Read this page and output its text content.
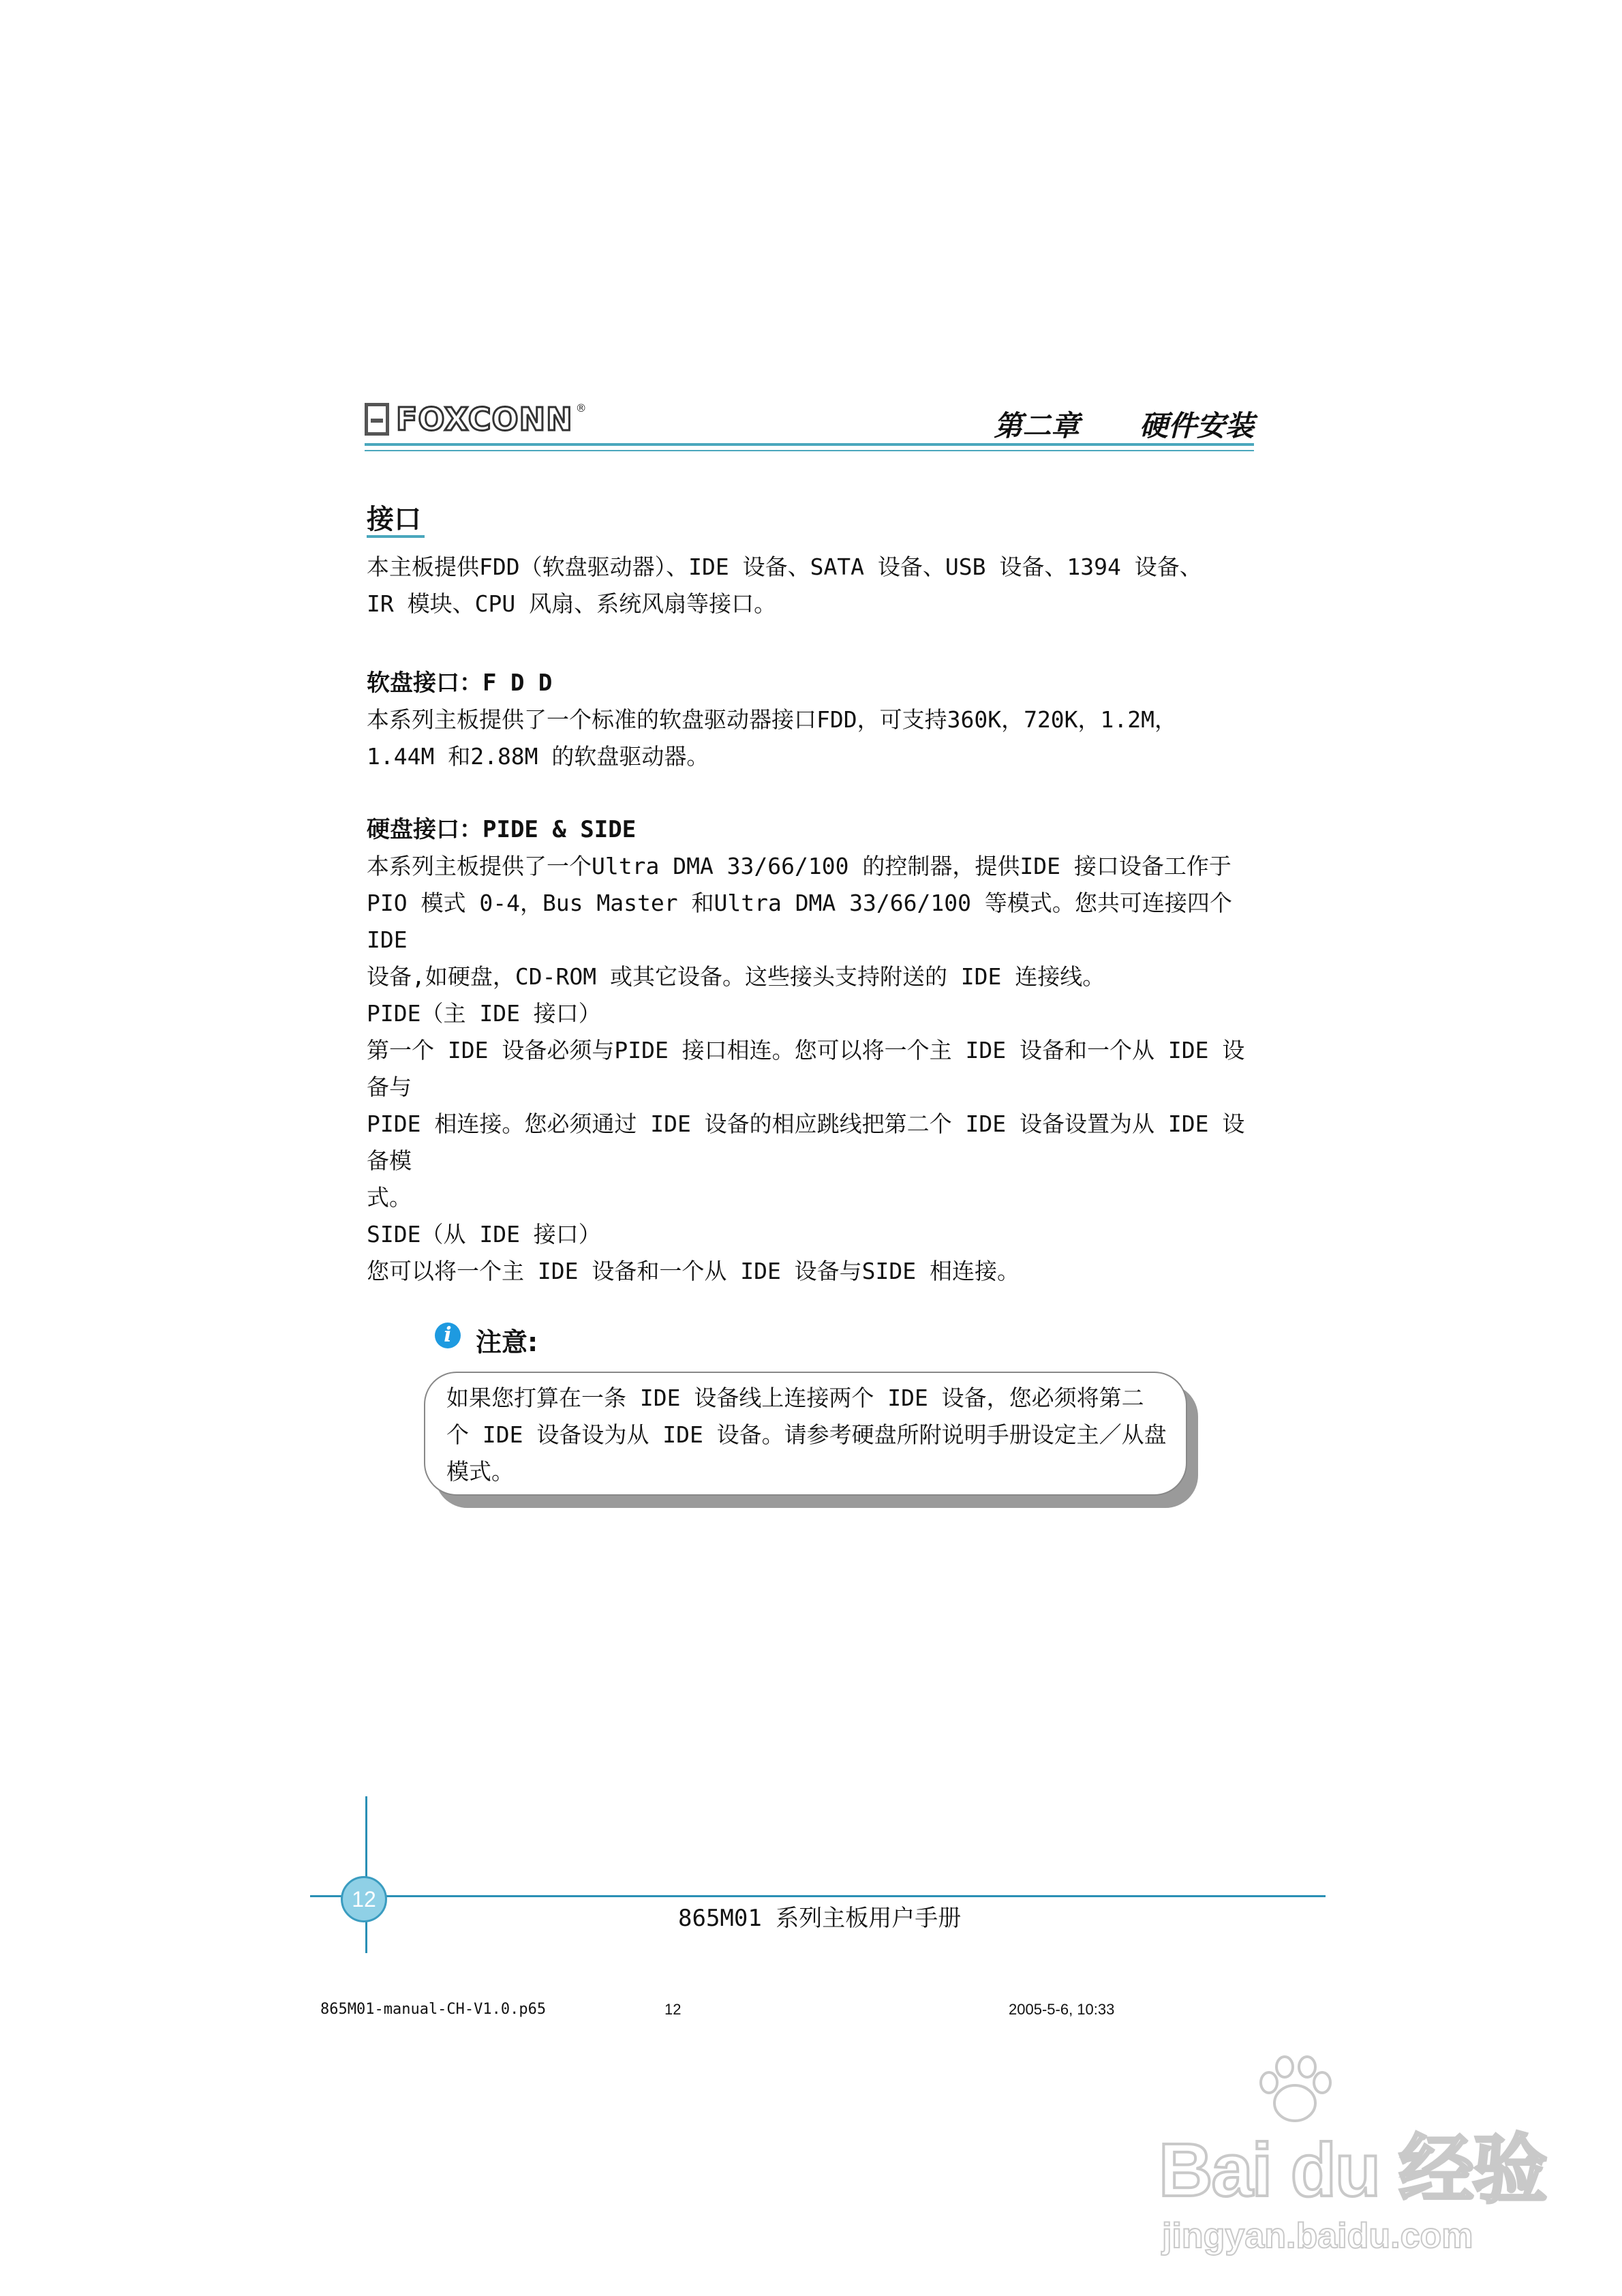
FOXCONN ®
第二章      硬件安装
接口
本主板提供FDD（软盘驱动器）、IDE 设备、SATA 设备、USB 设备、1394 设备、
IR 模块、CPU 风扇、系统风扇等接口。
软盘接口：F D D
本系列主板提供了一个标准的软盘驱动器接口FDD，可支持360K，720K，1.2M，
1.44M 和2.88M 的软盘驱动器。
硬盘接口：PIDE & SIDE
本系列主板提供了一个Ultra DMA 33/66/100 的控制器，提供IDE 接口设备工作于
PIO 模式 0-4，Bus Master 和Ultra DMA 33/66/100 等模式。您共可连接四个 IDE
设备,如硬盘，CD-ROM 或其它设备。这些接头支持附送的 IDE 连接线。
PIDE（主 IDE 接口）
第一个 IDE 设备必须与PIDE 接口相连。您可以将一个主 IDE 设备和一个从 IDE 设备与
PIDE 相连接。您必须通过 IDE 设备的相应跳线把第二个 IDE 设备设置为从 IDE 设备模
式。
SIDE（从 IDE 接口）
您可以将一个主 IDE 设备和一个从 IDE 设备与SIDE 相连接。
i 注意:
如果您打算在一条 IDE 设备线上连接两个 IDE 设备，您必须将第二
个 IDE 设备设为从 IDE 设备。请参考硬盘所附说明手册设定主／从盘
模式。
12
865M01 系列主板用户手册
865M01-manual-CH-V1.0.p65	12	2005-5-6, 10:33
Bai du 经验
jingyan.baidu.com
